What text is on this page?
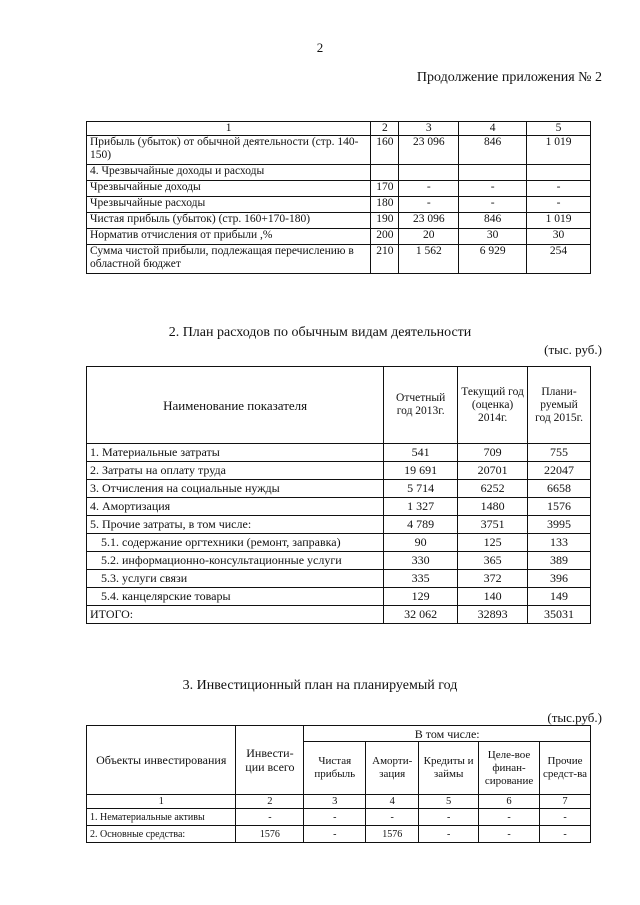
2
Продолжение приложения № 2
1	2	3	4	5
Прибыль (убыток) от обычной деятельности (стр. 140-150)	160	23 096	846	1 019
4. Чрезвычайные доходы и расходы				
Чрезвычайные доходы	170	-	-	-
Чрезвычайные расходы	180	-	-	-
Чистая прибыль (убыток) (стр. 160+170-180)	190	23 096	846	1 019
Норматив отчисления от прибыли ,%	200	20	30	30
Сумма чистой прибыли, подлежащая перечислению в областной бюджет	210	1 562	6 929	254
2. План расходов по обычным видам деятельности
(тыс. руб.)
Наименование показателя	Отчетный год 2013г.	Текущий год (оценка) 2014г.	Плани-руемый год 2015г.
1. Материальные затраты	541	709	755
2. Затраты на оплату труда	19 691	20701	22047
3. Отчисления на социальные нужды	5 714	6252	6658
4. Амортизация	1 327	1480	1576
5. Прочие затраты, в том числе:	4 789	3751	3995
5.1. содержание оргтехники (ремонт, заправка)	90	125	133
5.2. информационно-консультационные услуги	330	365	389
5.3. услуги связи	335	372	396
5.4. канцелярские товары	129	140	149
ИТОГО:	32 062	32893	35031
3. Инвестиционный план на планируемый год
(тыс.руб.)
Объекты инвестирования	Инвести-ции всего	В том числе:				
		Чистая прибыль	Аморти-зация	Кредиты и займы	Целе-вое финан-сирование	Прочие средст-ва
1	2	3	4	5	6	7
1. Нематериальные активы	-	-	-	-	-	-
2. Основные средства:	1576	-	1576	-	-	-
